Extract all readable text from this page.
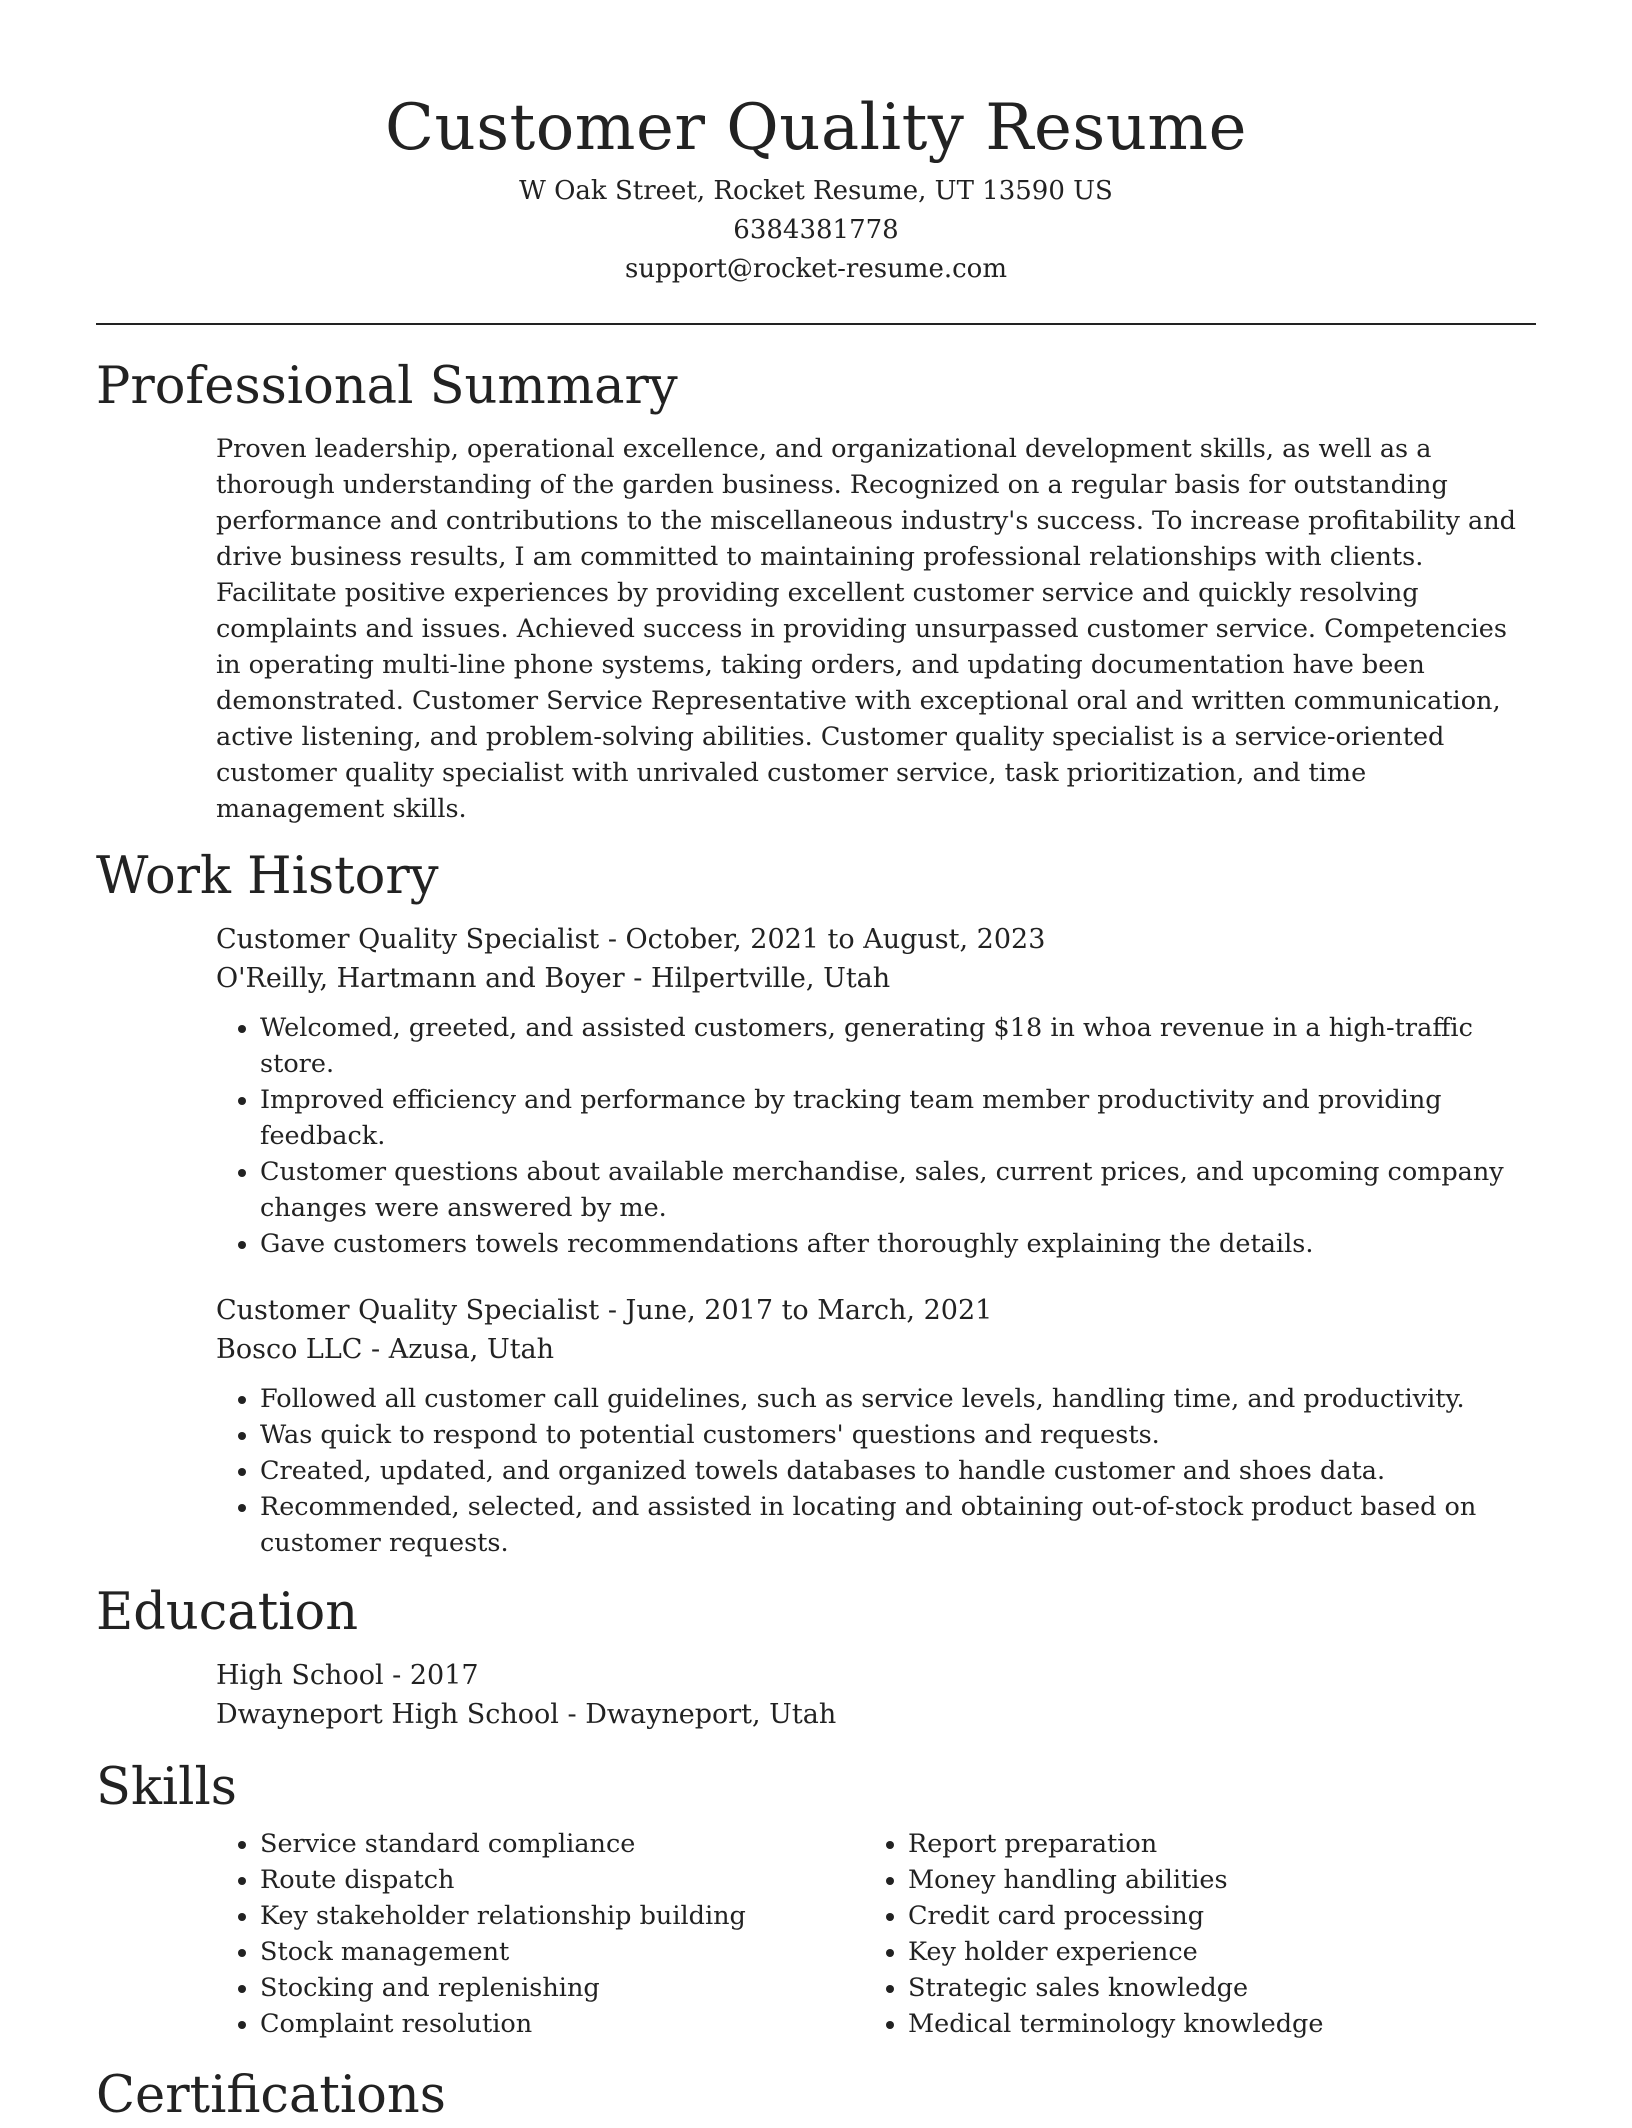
Customer Quality Resume
W Oak Street, Rocket Resume, UT 13590 US
6384381778
support@rocket-resume.com
Professional Summary
Proven leadership, operational excellence, and organizational development skills, as well as a thorough understanding of the garden business. Recognized on a regular basis for outstanding performance and contributions to the miscellaneous industry's success. To increase profitability and drive business results, I am committed to maintaining professional relationships with clients. Facilitate positive experiences by providing excellent customer service and quickly resolving complaints and issues. Achieved success in providing unsurpassed customer service. Competencies in operating multi-line phone systems, taking orders, and updating documentation have been demonstrated. Customer Service Representative with exceptional oral and written communication, active listening, and problem-solving abilities. Customer quality specialist is a service-oriented customer quality specialist with unrivaled customer service, task prioritization, and time management skills.
Work History
Customer Quality Specialist - October, 2021 to August, 2023
O'Reilly, Hartmann and Boyer - Hilpertville, Utah
• Welcomed, greeted, and assisted customers, generating $18 in whoa revenue in a high-traffic store.
• Improved efficiency and performance by tracking team member productivity and providing feedback.
• Customer questions about available merchandise, sales, current prices, and upcoming company changes were answered by me.
• Gave customers towels recommendations after thoroughly explaining the details.
Customer Quality Specialist - June, 2017 to March, 2021
Bosco LLC - Azusa, Utah
• Followed all customer call guidelines, such as service levels, handling time, and productivity.
• Was quick to respond to potential customers' questions and requests.
• Created, updated, and organized towels databases to handle customer and shoes data.
• Recommended, selected, and assisted in locating and obtaining out-of-stock product based on customer requests.
Education
High School - 2017
Dwayneport High School - Dwayneport, Utah
Skills
• Service standard compliance
• Route dispatch
• Key stakeholder relationship building
• Stock management
• Stocking and replenishing
• Complaint resolution
• Report preparation
• Money handling abilities
• Credit card processing
• Key holder experience
• Strategic sales knowledge
• Medical terminology knowledge
Certifications
